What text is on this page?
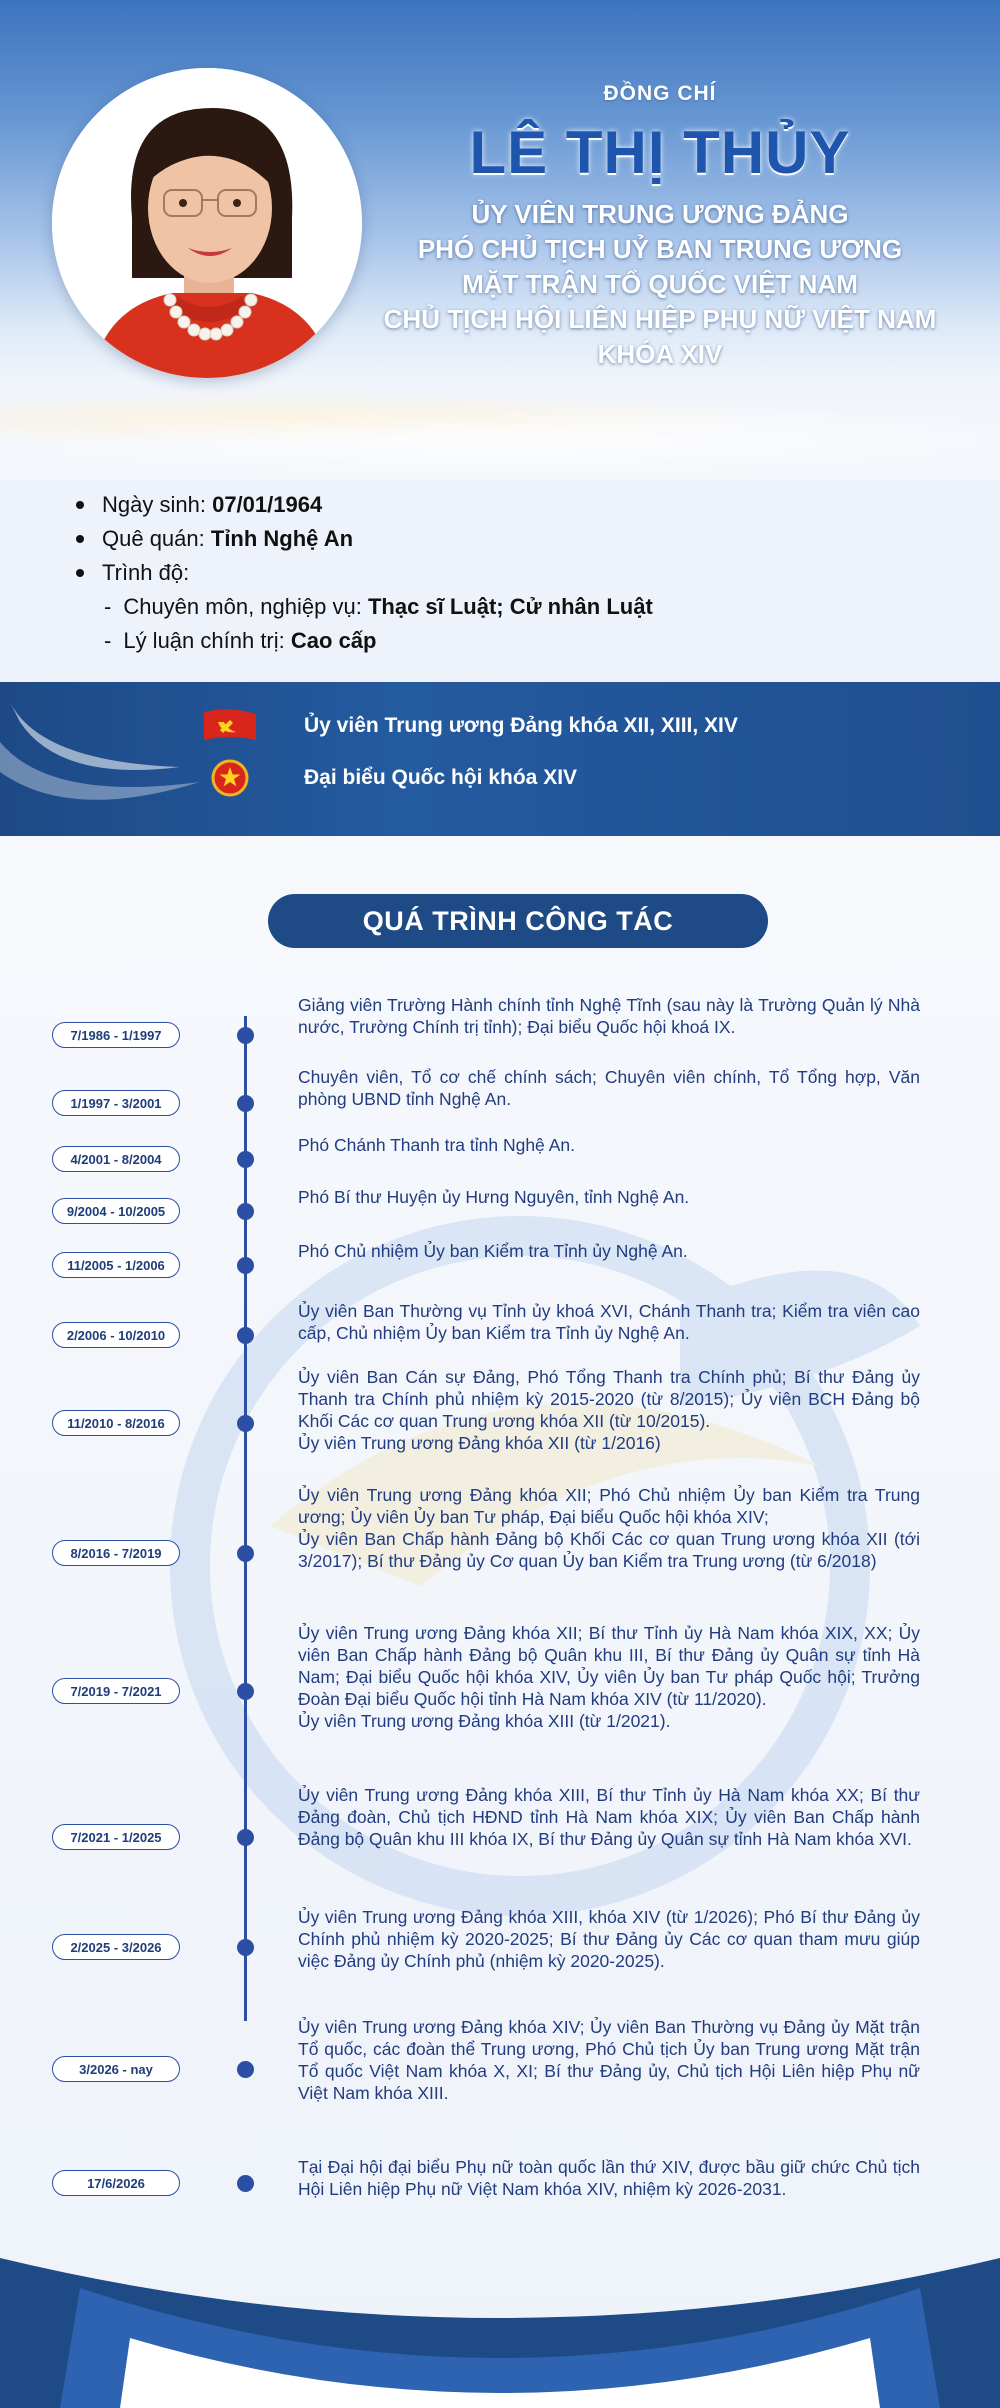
ĐỒNG CHÍ
LÊ THỊ THỦY
ỦY VIÊN TRUNG ƯƠNG ĐẢNG
PHÓ CHỦ TỊCH UỶ BAN TRUNG ƯƠNG
MẶT TRẬN TỔ QUỐC VIỆT NAM
CHỦ TỊCH HỘI LIÊN HIỆP PHỤ NỮ VIỆT NAM
KHÓA XIV
Ngày sinh:
07/01/1964
Quê quán:
Tỉnh Nghệ An
Trình độ:
- Chuyên môn, nghiệp vụ:
Thạc sĩ Luật; Cử nhân Luật
- Lý luận chính trị:
Cao cấp
Ủy viên Trung ương Đảng khóa XII, XIII, XIV
Đại biểu Quốc hội khóa XIV
QUÁ TRÌNH CÔNG TÁC
7/1986 - 1/1997
Giảng viên Trường Hành chính tỉnh Nghệ Tĩnh (sau này là Trường Quản lý Nhà nước, Trường Chính trị tỉnh); Đại biểu Quốc hội khoá IX.
1/1997 - 3/2001
Chuyên viên, Tổ cơ chế chính sách; Chuyên viên chính, Tổ Tổng hợp, Văn phòng UBND tỉnh Nghệ An.
4/2001 - 8/2004
Phó Chánh Thanh tra tỉnh Nghệ An.
9/2004 - 10/2005
Phó Bí thư Huyện ủy Hưng Nguyên, tỉnh Nghệ An.
11/2005 - 1/2006
Phó Chủ nhiệm Ủy ban Kiểm tra Tỉnh ủy Nghệ An.
2/2006 - 10/2010
Ủy viên Ban Thường vụ Tỉnh ủy khoá XVI, Chánh Thanh tra; Kiểm tra viên cao cấp, Chủ nhiệm Ủy ban Kiểm tra Tỉnh ủy Nghệ An.
11/2010 - 8/2016
Ủy viên Ban Cán sự Đảng, Phó Tổng Thanh tra Chính phủ; Bí thư Đảng ủy Thanh tra Chính phủ nhiệm kỳ 2015-2020 (từ 8/2015); Ủy viên BCH Đảng bộ Khối Các cơ quan Trung ương khóa XII (từ 10/2015).
Ủy viên Trung ương Đảng khóa XII (từ 1/2016)
8/2016 - 7/2019
Ủy viên Trung ương Đảng khóa XII; Phó Chủ nhiệm Ủy ban Kiểm tra Trung ương; Ủy viên Ủy ban Tư pháp, Đại biểu Quốc hội khóa XIV;
Ủy viên Ban Chấp hành Đảng bộ Khối Các cơ quan Trung ương khóa XII (tới 3/2017); Bí thư Đảng ủy Cơ quan Ủy ban Kiểm tra Trung ương (từ 6/2018)
7/2019 - 7/2021
Ủy viên Trung ương Đảng khóa XII; Bí thư Tỉnh ủy Hà Nam khóa XIX, XX; Ủy viên Ban Chấp hành Đảng bộ Quân khu III, Bí thư Đảng ủy Quân sự tỉnh Hà Nam; Đại biểu Quốc hội khóa XIV, Ủy viên Ủy ban Tư pháp Quốc hội; Trưởng Đoàn Đại biểu Quốc hội tỉnh Hà Nam khóa XIV (từ 11/2020).
Ủy viên Trung ương Đảng khóa XIII (từ 1/2021).
7/2021 - 1/2025
Ủy viên Trung ương Đảng khóa XIII, Bí thư Tỉnh ủy Hà Nam khóa XX; Bí thư Đảng đoàn, Chủ tịch HĐND tỉnh Hà Nam khóa XIX; Ủy viên Ban Chấp hành Đảng bộ Quân khu III khóa IX, Bí thư Đảng ủy Quân sự tỉnh Hà Nam khóa XVI.
2/2025 - 3/2026
Ủy viên Trung ương Đảng khóa XIII, khóa XIV (từ 1/2026); Phó Bí thư Đảng ủy Chính phủ nhiệm kỳ 2020-2025; Bí thư Đảng ủy Các cơ quan tham mưu giúp việc Đảng ủy Chính phủ (nhiệm kỳ 2020-2025).
3/2026 - nay
Ủy viên Trung ương Đảng khóa XIV; Ủy viên Ban Thường vụ Đảng ủy Mặt trận Tổ quốc, các đoàn thể Trung ương, Phó Chủ tịch Ủy ban Trung ương Mặt trận Tổ quốc Việt Nam khóa X, XI; Bí thư Đảng ủy, Chủ tịch Hội Liên hiệp Phụ nữ Việt Nam khóa XIII.
17/6/2026
Tại Đại hội đại biểu Phụ nữ toàn quốc lần thứ XIV, được bầu giữ chức Chủ tịch Hội Liên hiệp Phụ nữ Việt Nam khóa XIV, nhiệm kỳ 2026-2031.
